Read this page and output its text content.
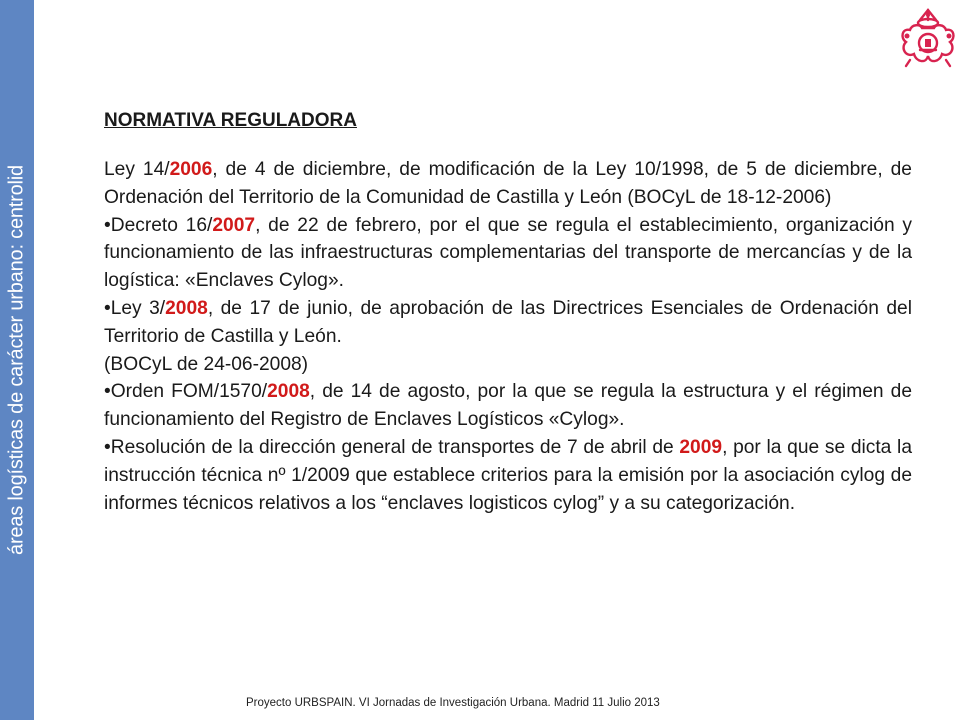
áreas logísticas de carácter urbano: centrolid
NORMATIVA REGULADORA

Ley 14/2006, de 4 de diciembre, de modificación de la Ley 10/1998, de 5 de diciembre, de Ordenación del Territorio de la Comunidad de Castilla y León (BOCyL de 18-12-2006)

•Decreto 16/2007, de 22 de febrero, por el que se regula el establecimiento, organización y funcionamiento de las infraestructuras complementarias del transporte de mercancías y de la logística: «Enclaves Cylog».

•Ley 3/2008, de 17 de junio, de aprobación de las Directrices Esenciales de Ordenación del Territorio de Castilla y León.
(BOCyL de 24-06-2008)

•Orden FOM/1570/2008, de 14 de agosto, por la que se regula la estructura y el régimen de funcionamiento del Registro de Enclaves Logísticos «Cylog».

•Resolución de la dirección general de transportes de 7 de abril de 2009, por la que se dicta la instrucción técnica nº 1/2009 que establece criterios para la emisión por la asociación cylog de informes técnicos relativos a los “enclaves logisticos cylog” y a su categorización.

Proyecto URBSPAIN. VI Jornadas de Investigación Urbana. Madrid 11 Julio 2013
